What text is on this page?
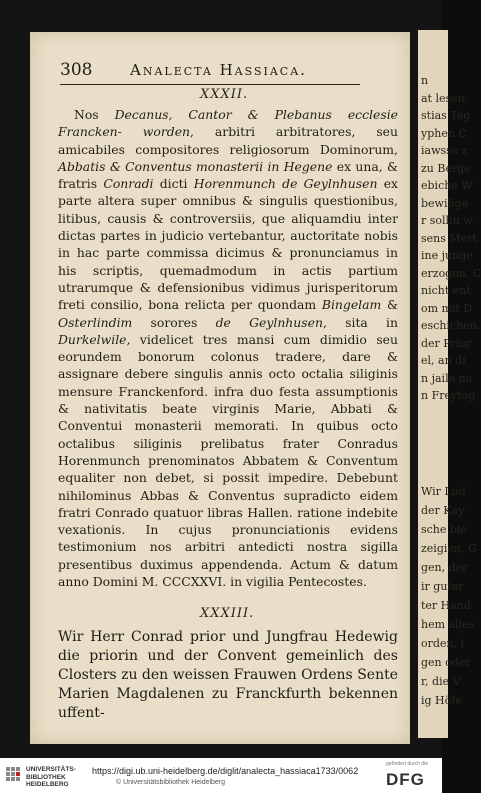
308	Analecta Hassiaca.
XXXII.

Nos Decanus, Cantor & Plebanus ecclesie Francken- worden, arbitri arbitratores, seu amicabiles compositores religiosorum Dominorum, Abbatis & Conventus monasterii in Hegene ex una, & fratris Conradi dicti Horenmunch de Geylnhusen ex parte altera super omnibus & singulis questionibus, litibus, causis & controversiis, que aliquamdiu inter dictas partes in judicio vertebantur, auctoritate nobis in hac parte commissa dicimus & pronunciamus in his scriptis, quemadmodum in actis partium utrarumque & defensionibus vidimus jurisperitorum freti consilio, bona relicta per quondam Bingelam & Osterlindim sorores de Geylnhusen, sita in Durkelwile, videlicet tres mansi cum dimidio seu eorundem bonorum colonus tradere, dare & assignare debere singulis annis octo octalia siliginis mensure Franckenford. infra duo festa assumptionis & nativitatis beate virginis Marie, Abbati & Conventui monasterii memorati. In quibus octo octalibus siliginis prelibatus frater Conradus Horenmunch prenominatos Abbatem & Conventum equaliter non debet, si possit impedire. Debebunt nihilominus Abbas & Conventus supradicto eidem fratri Conrado quatuor libras Hallen. ratione indebite vexationis. In cujus pronunciationis evidens testimonium nos arbitri antedicti nostra sigilla presentibus duximus appendenda. Actum & datum anno Domini M. CCCXXVI. in vigilia Pentecostes.

XXXIII.

Wir Herr Conrad prior und Jungfrau Hedewig die priorin und der Convent gemeinlich des Closters zu den weissen Frauwen Ordens Sente Marien Magdalenen zu Franckfurth bekennen uffent-

n
at lesen,
stias Tag
yphen C
iawsse z
zu Berge
ebiche W
bewilige
r sollin w
sens Mert
ine junge
erzogen. C
nicht ent
om mit D
eschichen.
der Prior
el, an di
n jaile na
n Freytag
Wir Lud
der Kay
sche bie
zeigien, G
gen, der
ir guter
ter Hand
hem alles
orden, i
gen oder
r, die V
ig Höfe
UNIVERSITÄTS-BIBLIOTHEK HEIDELBERG
https://digi.ub.uni-heidelberg.de/diglit/analecta_hassiaca1733/0062
© Universitätsbibliothek Heidelberg
gefördert durch die
DFG
